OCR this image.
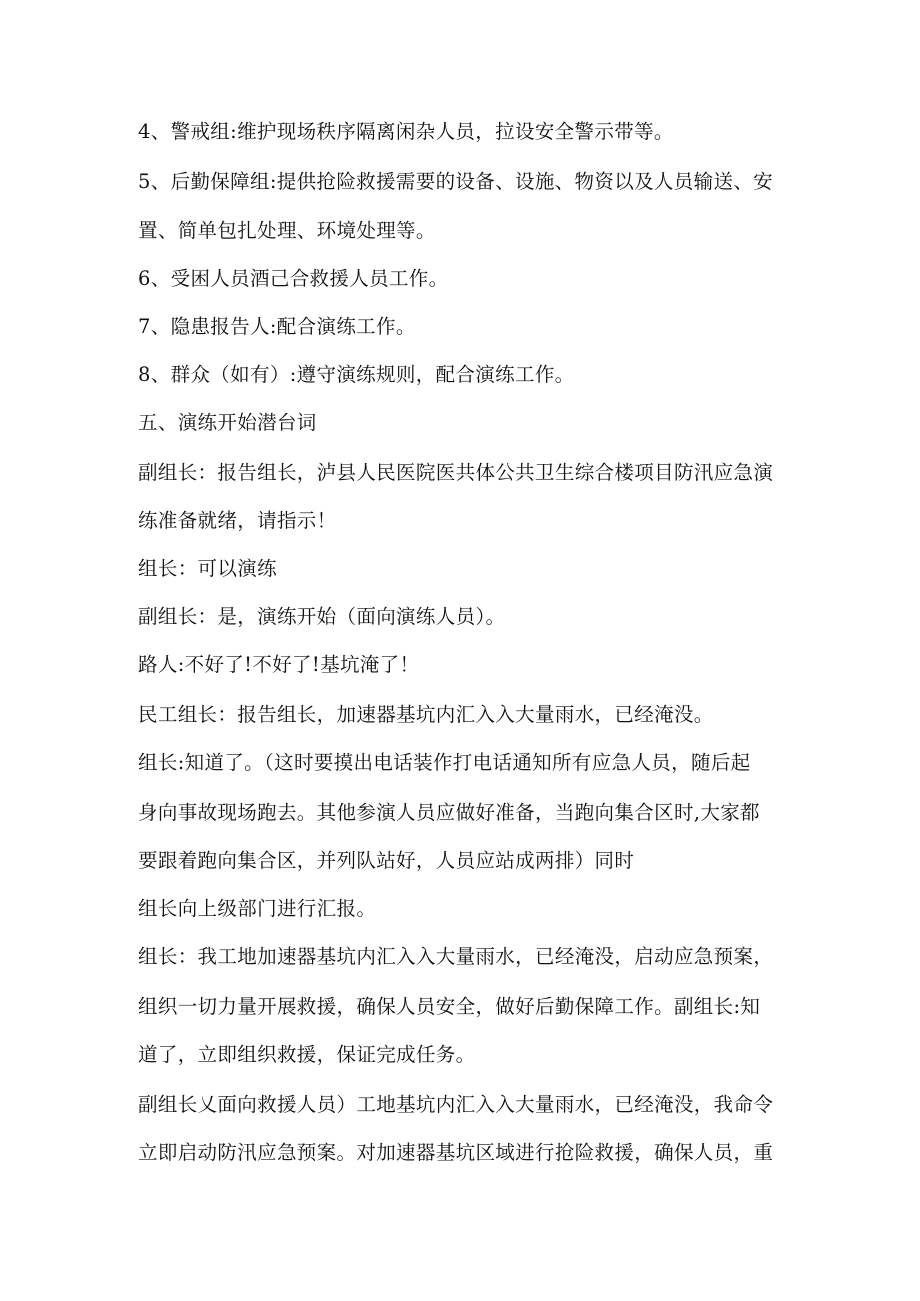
4、警戒组:维护现场秩序隔离闲杂人员，拉设安全警示带等。
5、后勤保障组:提供抢险救援需要的设备、设施、物资以及人员输送、安
置、简单包扎处理、环境处理等。
6、受困人员酒己合救援人员工作。
7、隐患报告人:配合演练工作。
8、群众（如有）:遵守演练规则，配合演练工作。
五、演练开始潜台词
副组长：报告组长，泸县人民医院医共体公共卫生综合楼项目防汛应急演
练准备就绪，请指示！
组长：可以演练
副组长：是，演练开始（面向演练人员）。
路人:不好了!不好了!基坑淹了！
民工组长：报告组长，加速器基坑内汇入入大量雨水，已经淹没。
组长:知道了。（这时要摸出电话装作打电话通知所有应急人员，随后起
身向事故现场跑去。其他参演人员应做好准备，当跑向集合区时,大家都
要跟着跑向集合区，并列队站好，人员应站成两排）同时
组长向上级部门进行汇报。
组长：我工地加速器基坑内汇入入大量雨水，已经淹没，启动应急预案，
组织一切力量开展救援，确保人员安全，做好后勤保障工作。副组长:知
道了，立即组织救援，保证完成任务。
副组长乂面向救援人员）工地基坑内汇入入大量雨水，已经淹没，我命令
立即启动防汛应急预案。对加速器基坑区域进行抢险救援，确保人员，重
